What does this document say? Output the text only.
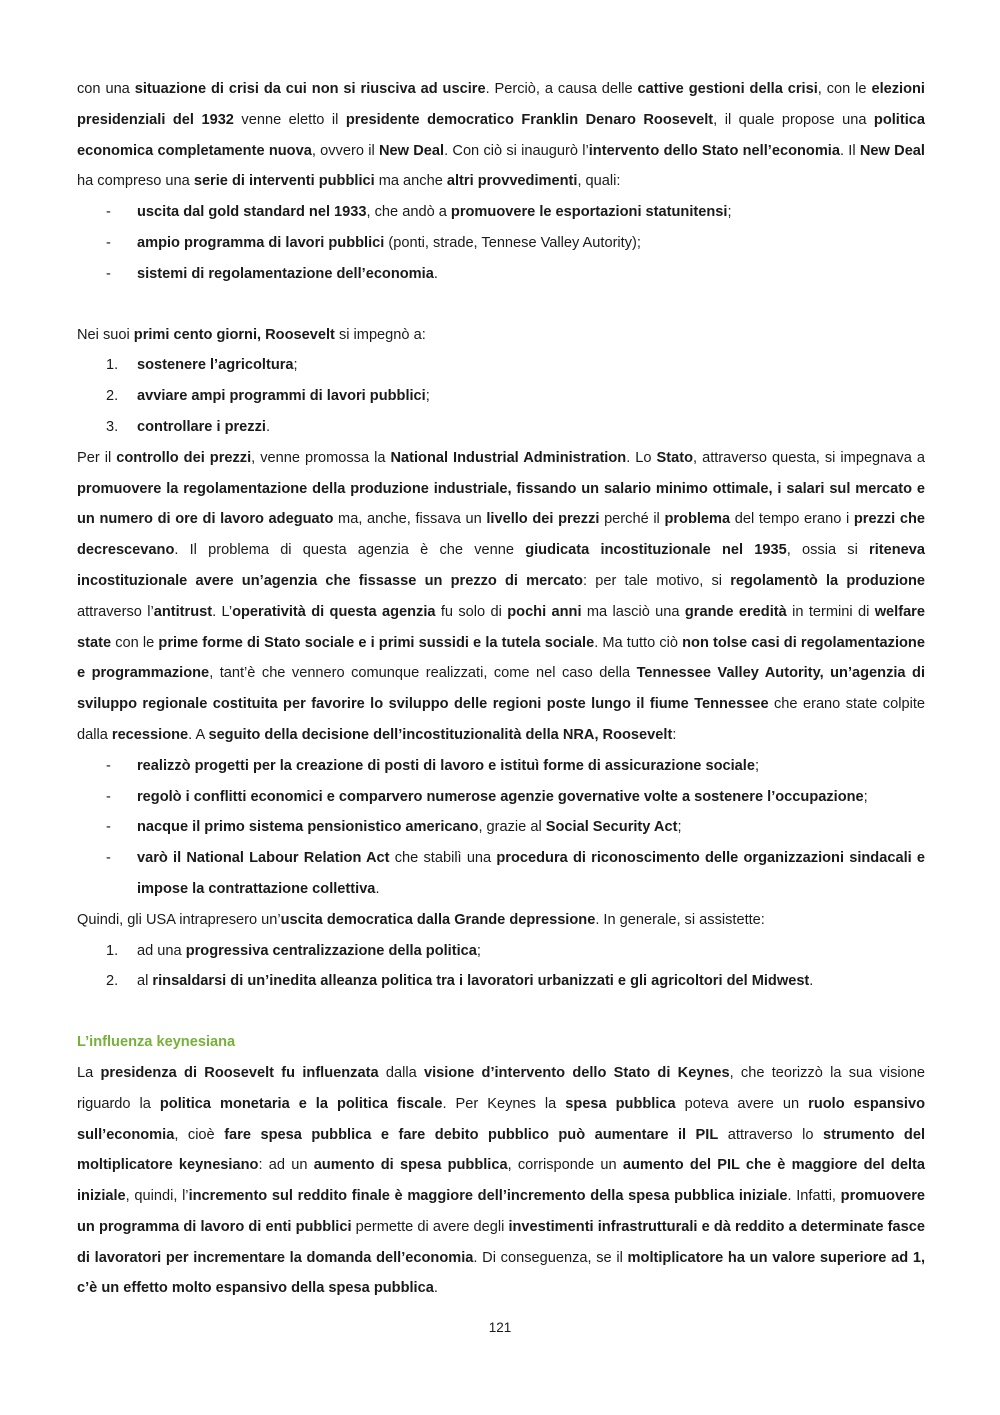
con una situazione di crisi da cui non si riusciva ad uscire. Perciò, a causa delle cattive gestioni della crisi, con le elezioni presidenziali del 1932 venne eletto il presidente democratico Franklin Denaro Roosevelt, il quale propose una politica economica completamente nuova, ovvero il New Deal. Con ciò si inaugurò l’intervento dello Stato nell’economia. Il New Deal ha compreso una serie di interventi pubblici ma anche altri provvedimenti, quali:

-	uscita dal gold standard nel 1933, che andò a promuovere le esportazioni statunitensi;
-	ampio programma di lavori pubblici (ponti, strade, Tennese Valley Autority);
-	sistemi di regolamentazione dell’economia.

Nei suoi primi cento giorni, Roosevelt si impegnò a:

1.	sostenere l’agricoltura;
2.	avviare ampi programmi di lavori pubblici;
3.	controllare i prezzi.

Per il controllo dei prezzi, venne promossa la National Industrial Administration. Lo Stato, attraverso questa, si impegnava a promuovere la regolamentazione della produzione industriale, fissando un salario minimo ottimale, i salari sul mercato e un numero di ore di lavoro adeguato ma, anche, fissava un livello dei prezzi perché il problema del tempo erano i prezzi che decrescevano. Il problema di questa agenzia è che venne giudicata incostituzionale nel 1935, ossia si riteneva incostituzionale avere un’agenzia che fissasse un prezzo di mercato: per tale motivo, si regolamentò la produzione attraverso l’antitrust. L’operatività di questa agenzia fu solo di pochi anni ma lasciò una grande eredità in termini di welfare state con le prime forme di Stato sociale e i primi sussidi e la tutela sociale. Ma tutto ciò non tolse casi di regolamentazione e programmazione, tant’è che vennero comunque realizzati, come nel caso della Tennessee Valley Autority, un’agenzia di sviluppo regionale costituita per favorire lo sviluppo delle regioni poste lungo il fiume Tennessee che erano state colpite dalla recessione. A seguito della decisione dell’incostituzionalità della NRA, Roosevelt:

-	realizzò progetti per la creazione di posti di lavoro e istituì forme di assicurazione sociale;
-	regolò i conflitti economici e comparvero numerose agenzie governative volte a sostenere l’occupazione;
-	nacque il primo sistema pensionistico americano, grazie al Social Security Act;
-	varò il National Labour Relation Act che stabilì una procedura di riconoscimento delle organizzazioni sindacali e impose la contrattazione collettiva.

Quindi, gli USA intrapresero un’uscita democratica dalla Grande depressione. In generale, si assistette:

1.	ad una progressiva centralizzazione della politica;
2.	al rinsaldarsi di un’inedita alleanza politica tra i lavoratori urbanizzati e gli agricoltori del Midwest.
L’influenza keynesiana

La presidenza di Roosevelt fu influenzata dalla visione d’intervento dello Stato di Keynes, che teorizzò la sua visione riguardo la politica monetaria e la politica fiscale. Per Keynes la spesa pubblica poteva avere un ruolo espansivo sull’economia, cioè fare spesa pubblica e fare debito pubblico può aumentare il PIL attraverso lo strumento del moltiplicatore keynesiano: ad un aumento di spesa pubblica, corrisponde un aumento del PIL che è maggiore del delta iniziale, quindi, l’incremento sul reddito finale è maggiore dell’incremento della spesa pubblica iniziale. Infatti, promuovere un programma di lavoro di enti pubblici permette di avere degli investimenti infrastrutturali e dà reddito a determinate fasce di lavoratori per incrementare la domanda dell’economia. Di conseguenza, se il moltiplicatore ha un valore superiore ad 1, c’è un effetto molto espansivo della spesa pubblica.

121
